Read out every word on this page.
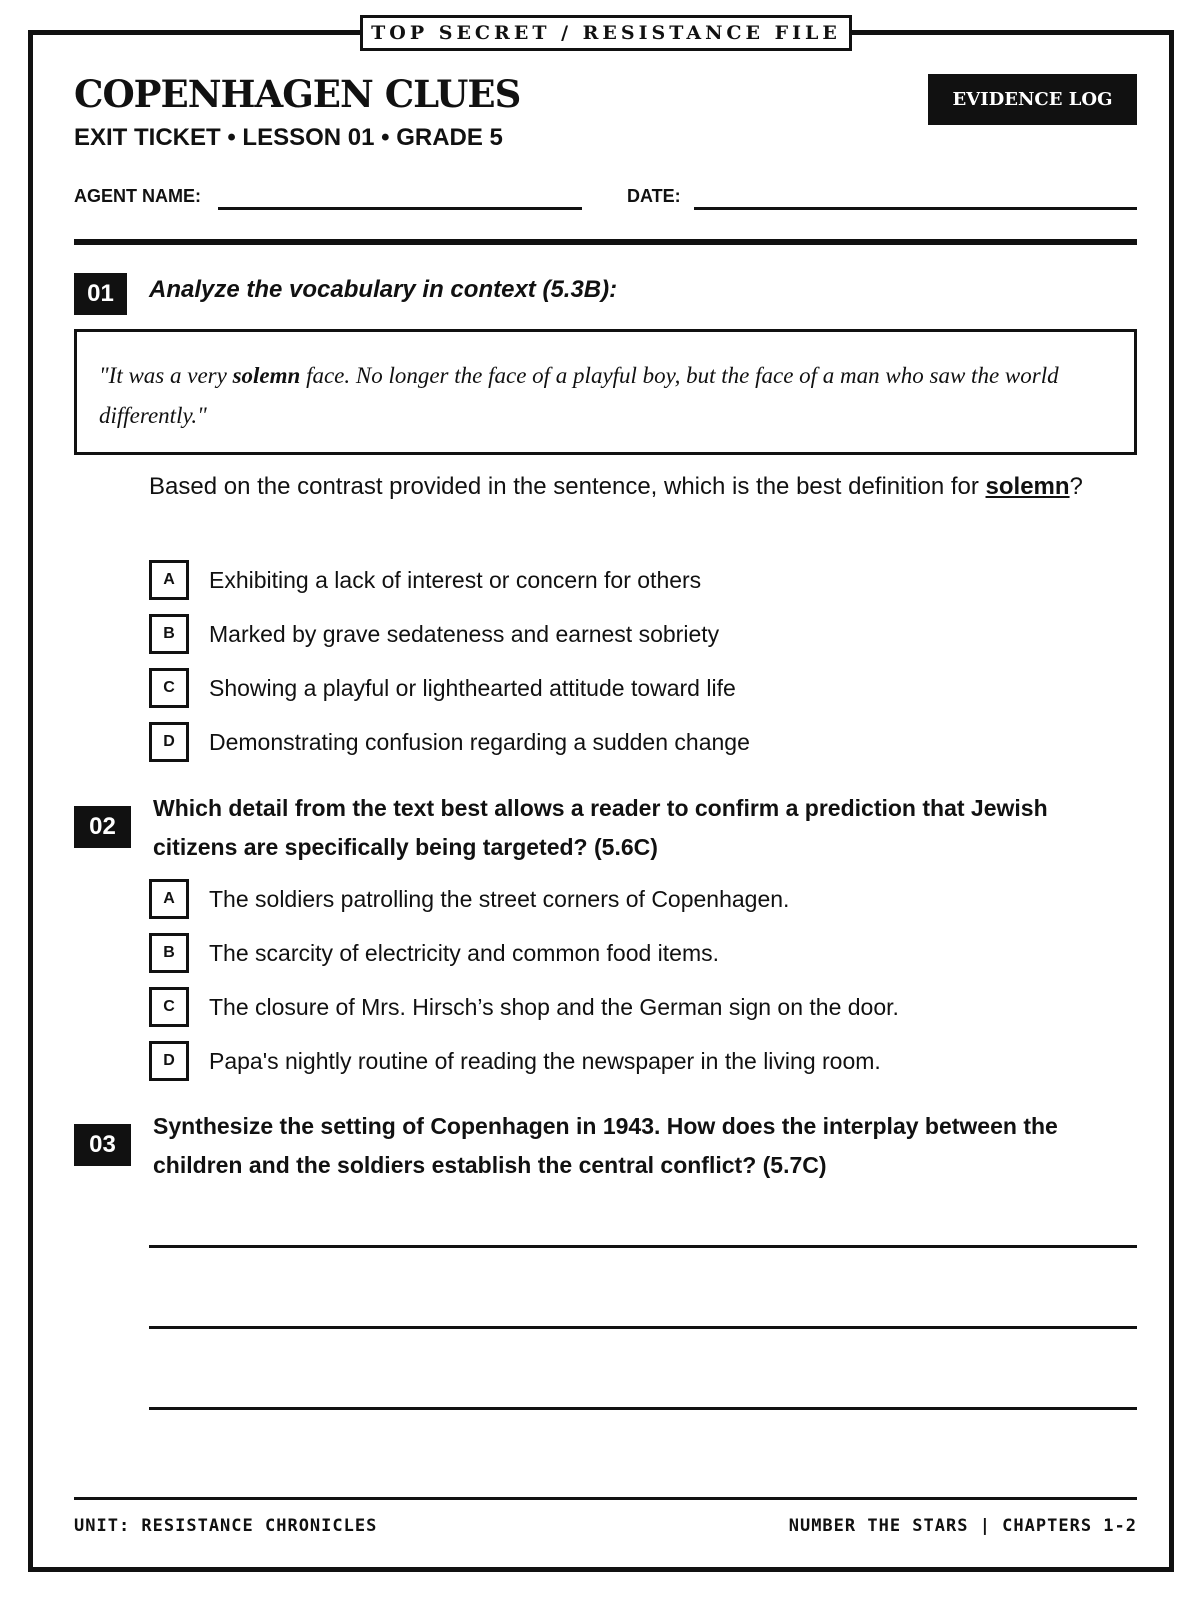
TOP SECRET / RESISTANCE FILE
COPENHAGEN CLUES
EXIT TICKET • LESSON 01 • GRADE 5
EVIDENCE LOG
AGENT NAME:	DATE:
01	Analyze the vocabulary in context (5.3B):
"It was a very solemn face. No longer the face of a playful boy, but the face of a man who saw the world differently."
Based on the contrast provided in the sentence, which is the best definition for solemn?
A	Exhibiting a lack of interest or concern for others
B	Marked by grave sedateness and earnest sobriety
C	Showing a playful or lighthearted attitude toward life
D	Demonstrating confusion regarding a sudden change
02
Which detail from the text best allows a reader to confirm a prediction that Jewish citizens are specifically being targeted? (5.6C)
A	The soldiers patrolling the street corners of Copenhagen.
B	The scarcity of electricity and common food items.
C	The closure of Mrs. Hirsch’s shop and the German sign on the door.
D	Papa's nightly routine of reading the newspaper in the living room.
03
Synthesize the setting of Copenhagen in 1943. How does the interplay between the children and the soldiers establish the central conflict? (5.7C)
UNIT: RESISTANCE CHRONICLES	NUMBER THE STARS | CHAPTERS 1-2
